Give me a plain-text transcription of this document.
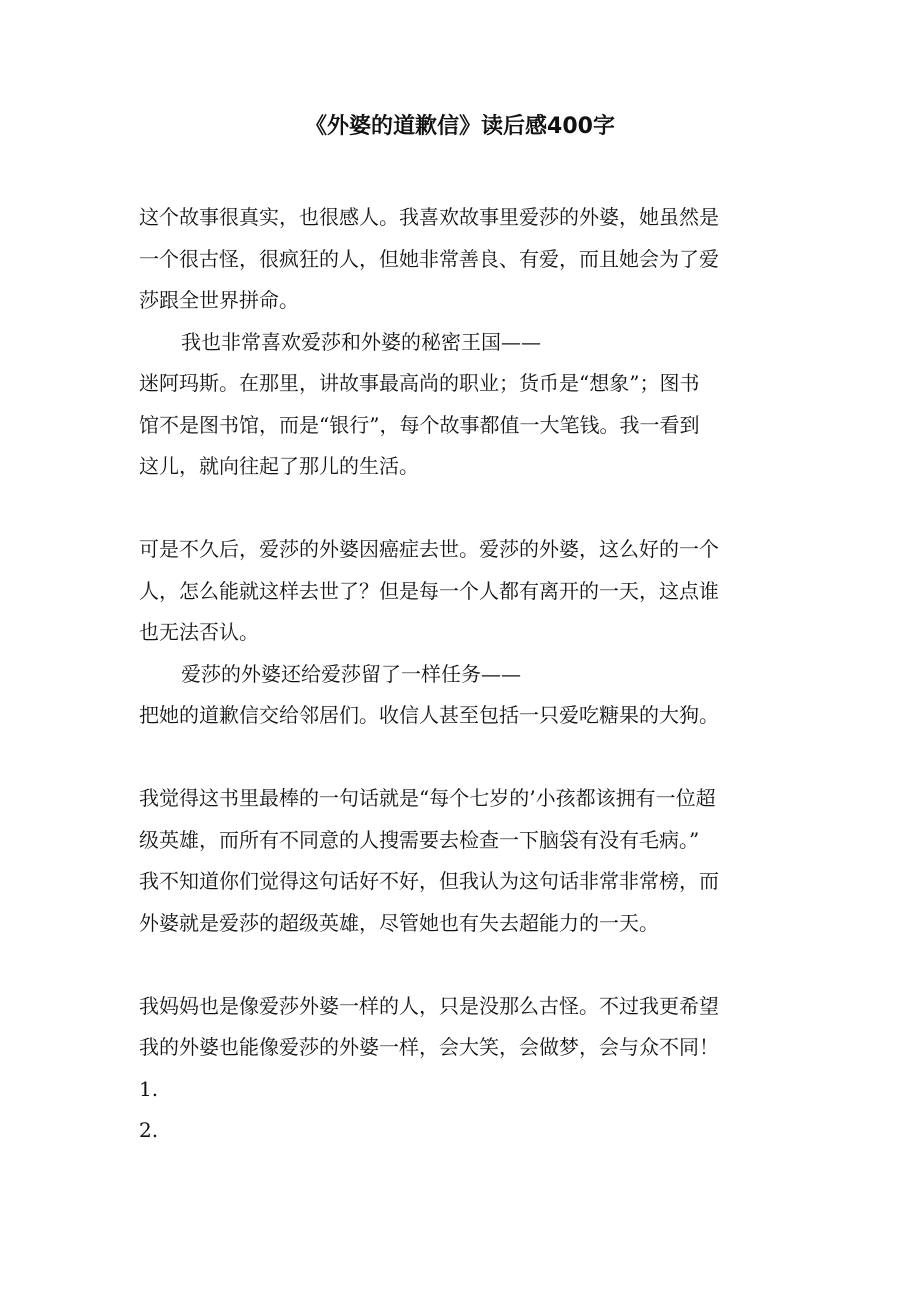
《外婆的道歉信》读后感400字

这个故事很真实，也很感人。我喜欢故事里爱莎的外婆，她虽然是

一个很古怪，很疯狂的人，但她非常善良、有爱，而且她会为了爱

莎跟全世界拼命。

我也非常喜欢爱莎和外婆的秘密王国——

迷阿玛斯。在那里，讲故事最高尚的职业；货币是“想象”；图书

馆不是图书馆，而是“银行”，每个故事都值一大笔钱。我一看到

这儿，就向往起了那儿的生活。

可是不久后，爱莎的外婆因癌症去世。爱莎的外婆，这么好的一个

人，怎么能就这样去世了？但是每一个人都有离开的一天，这点谁

也无法否认。

爱莎的外婆还给爱莎留了一样任务——

把她的道歉信交给邻居们。收信人甚至包括一只爱吃糖果的大狗。

我觉得这书里最棒的一句话就是“每个七岁的’小孩都该拥有一位超

级英雄，而所有不同意的人搜需要去检查一下脑袋有没有毛病。”

我不知道你们觉得这句话好不好，但我认为这句话非常非常榜，而

外婆就是爱莎的超级英雄，尽管她也有失去超能力的一天。

我妈妈也是像爱莎外婆一样的人，只是没那么古怪。不过我更希望

我的外婆也能像爱莎的外婆一样，会大笑，会做梦，会与众不同！

1.

2.
